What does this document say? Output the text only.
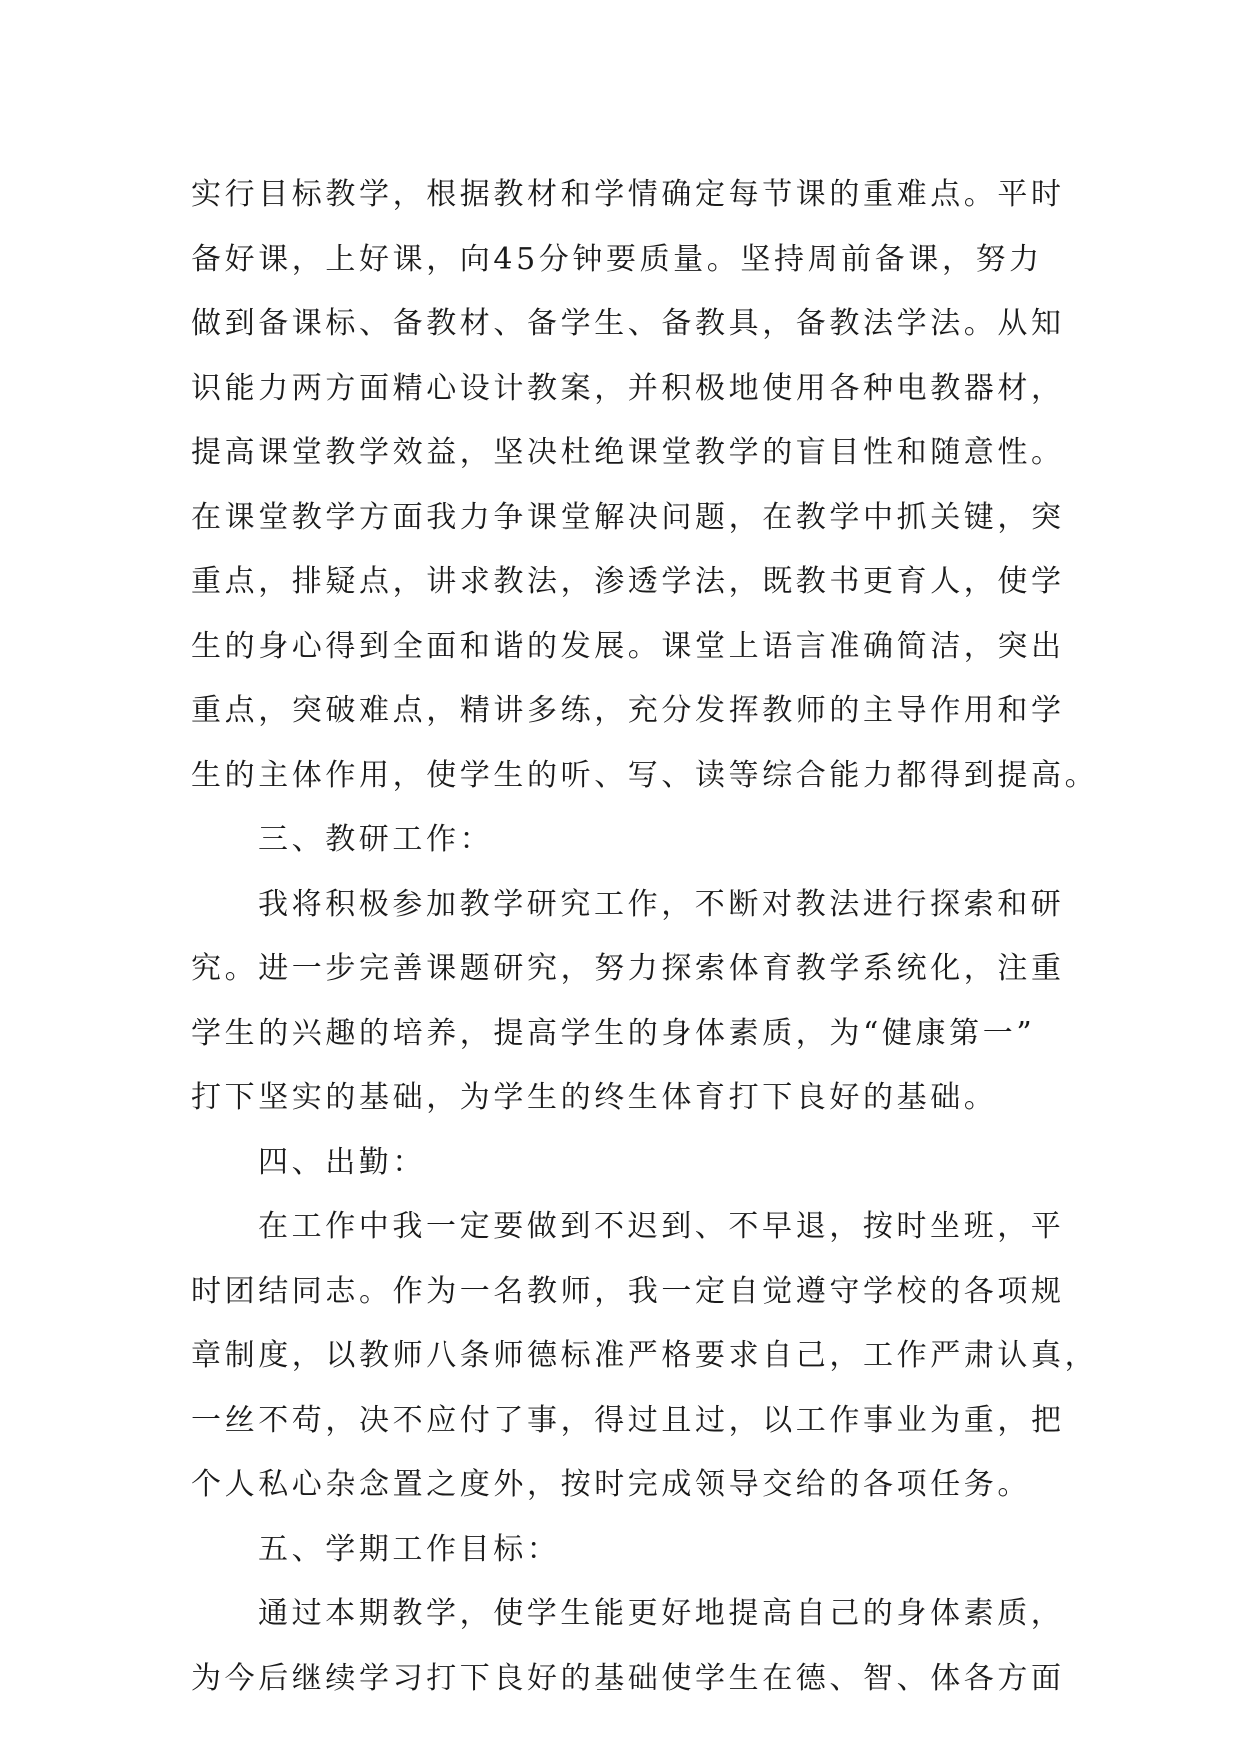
实行目标教学，根据教材和学情确定每节课的重难点。平时
备好课，上好课，向45分钟要质量。坚持周前备课，努力
做到备课标、备教材、备学生、备教具，备教法学法。从知
识能力两方面精心设计教案，并积极地使用各种电教器材，
提高课堂教学效益，坚决杜绝课堂教学的盲目性和随意性。
在课堂教学方面我力争课堂解决问题，在教学中抓关键，突
重点，排疑点，讲求教法，渗透学法，既教书更育人，使学
生的身心得到全面和谐的发展。课堂上语言准确简洁，突出
重点，突破难点，精讲多练，充分发挥教师的主导作用和学
生的主体作用，使学生的听、写、读等综合能力都得到提高。
三、教研工作：
我将积极参加教学研究工作，不断对教法进行探索和研
究。进一步完善课题研究，努力探索体育教学系统化，注重
学生的兴趣的培养，提高学生的身体素质，为“健康第一”
打下坚实的基础，为学生的终生体育打下良好的基础。
四、出勤：
在工作中我一定要做到不迟到、不早退，按时坐班，平
时团结同志。作为一名教师，我一定自觉遵守学校的各项规
章制度，以教师八条师德标准严格要求自己，工作严肃认真，
一丝不苟，决不应付了事，得过且过，以工作事业为重，把
个人私心杂念置之度外，按时完成领导交给的各项任务。
五、学期工作目标：
通过本期教学，使学生能更好地提高自己的身体素质，
为今后继续学习打下良好的基础使学生在德、智、体各方面
